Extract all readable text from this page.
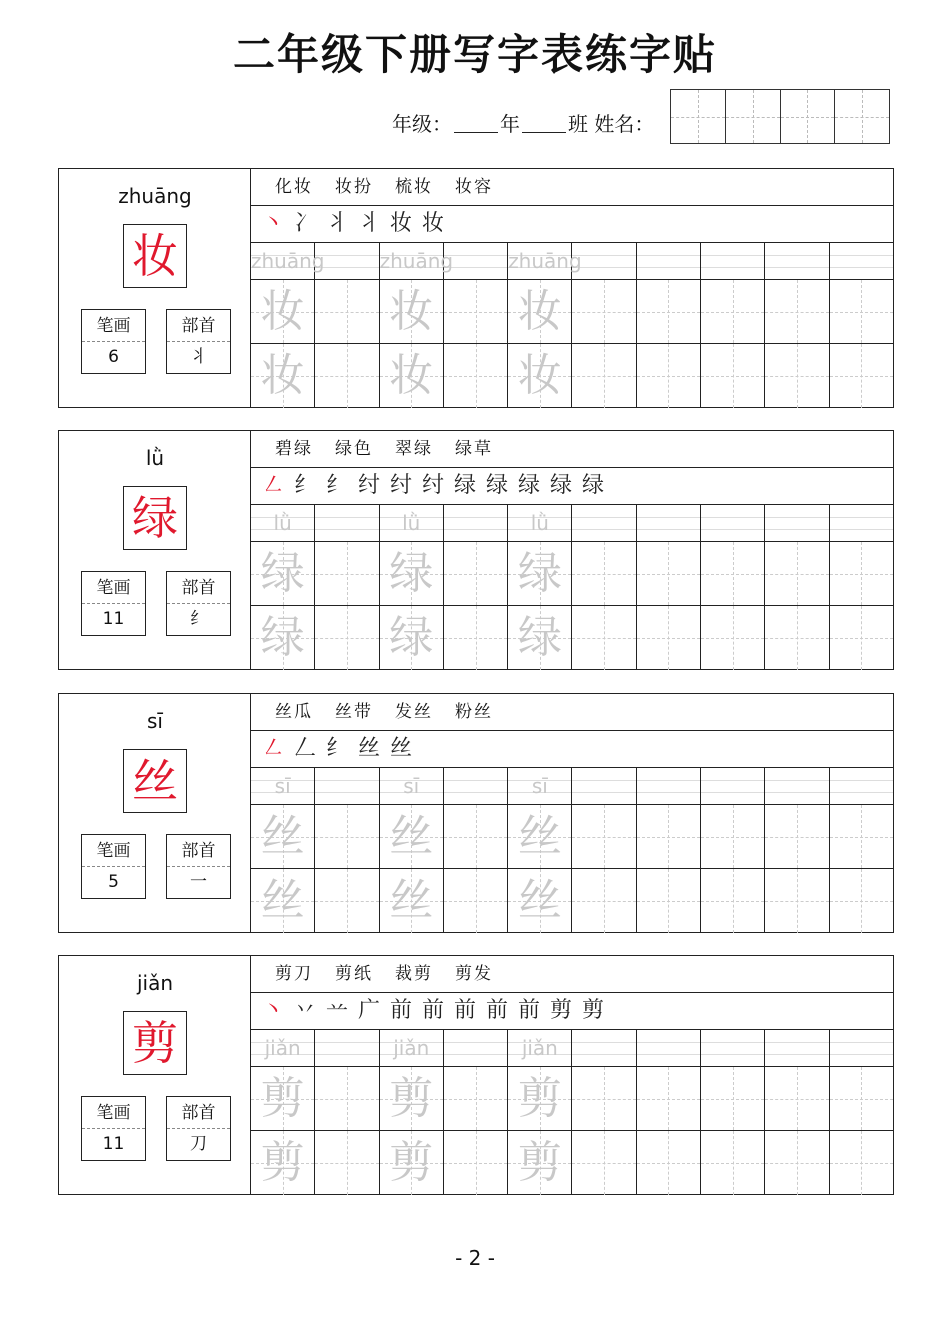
二年级下册写字表练字贴
年级： 年 班 姓名：
zhuāng
妆
笔画
6
部首
丬
化妆 妆扮 梳妆 妆容
丶 冫 丬 丬 妆 妆
zhuāng
妆
妆
zhuāng
妆
妆
zhuāng
妆
妆
lǜ
绿
笔画
11
部首
纟
碧绿 绿色 翠绿 绿草
㇜ 纟 纟 纣 纣 纣 绿 绿 绿 绿 绿
lǜ
绿
绿
lǜ
绿
绿
lǜ
绿
绿
sī
丝
笔画
5
部首
一
丝瓜 丝带 发丝 粉丝
㇜ 𠃋 纟 丝 丝
sī
丝
丝
sī
丝
丝
sī
丝
丝
jiǎn
剪
笔画
11
部首
刀
剪刀 剪纸 裁剪 剪发
丶 丷 䒑 广 前 前 前 前 前 剪 剪
jiǎn
剪
剪
jiǎn
剪
剪
jiǎn
剪
剪
- 2 -
